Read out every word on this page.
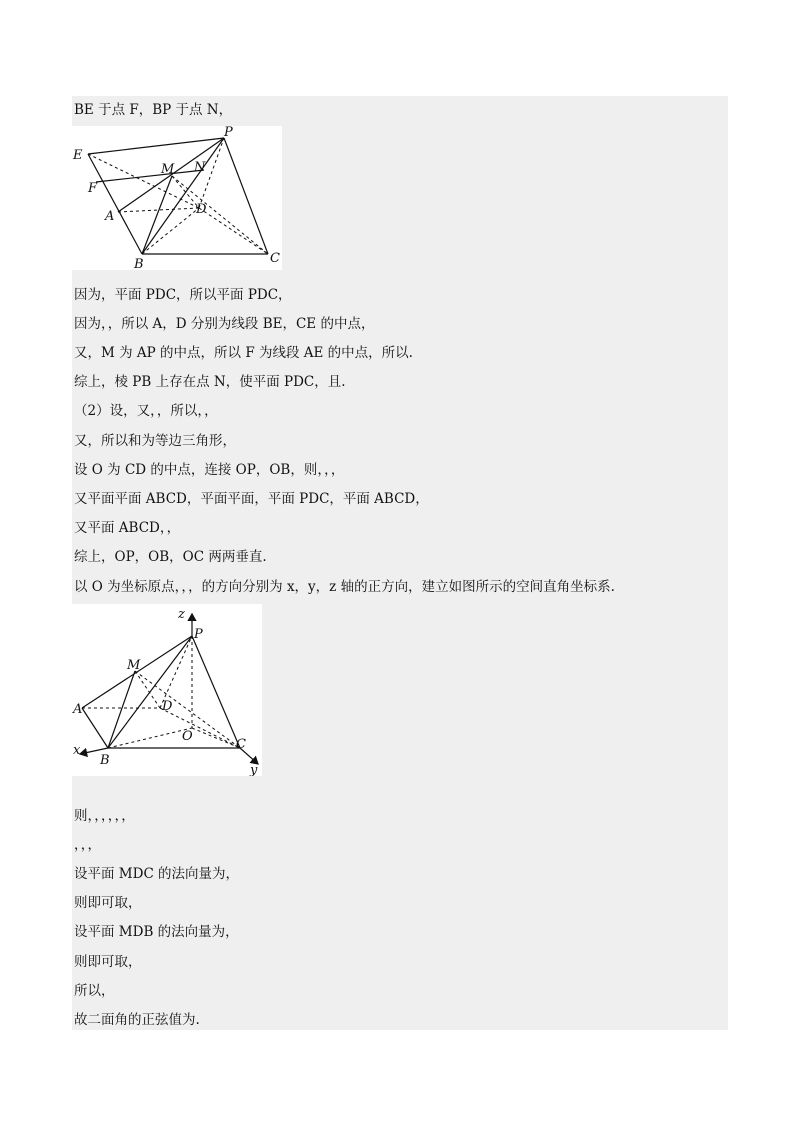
BE 于点 F，BP 于点 N，
P
E
M N
F
D
A
B	C
因为，平面 PDC，所以平面 PDC，
因为，，所以 A，D 分别为线段 BE，CE 的中点，
又，M 为 AP 的中点，所以 F 为线段 AE 的中点，所以.
综上，棱 PB 上存在点 N，使平面 PDC，且.
（2）设，又，，所以，，
又，所以和为等边三角形，
设 O 为 CD 的中点，连接 OP，OB，则，，，
又平面平面 ABCD，平面平面，平面 PDC，平面 ABCD，
又平面 ABCD，，
综上，OP，OB，OC 两两垂直.
以 O 为坐标原点，，，的方向分别为 x，y，z 轴的正方向，建立如图所示的空间直角坐标系.
z
P
M
A	D
O
C
x
B
y
则，，，，，，
，，，
设平面 MDC 的法向量为，
则即可取，
设平面 MDB 的法向量为，
则即可取，
所以，
故二面角的正弦值为.
